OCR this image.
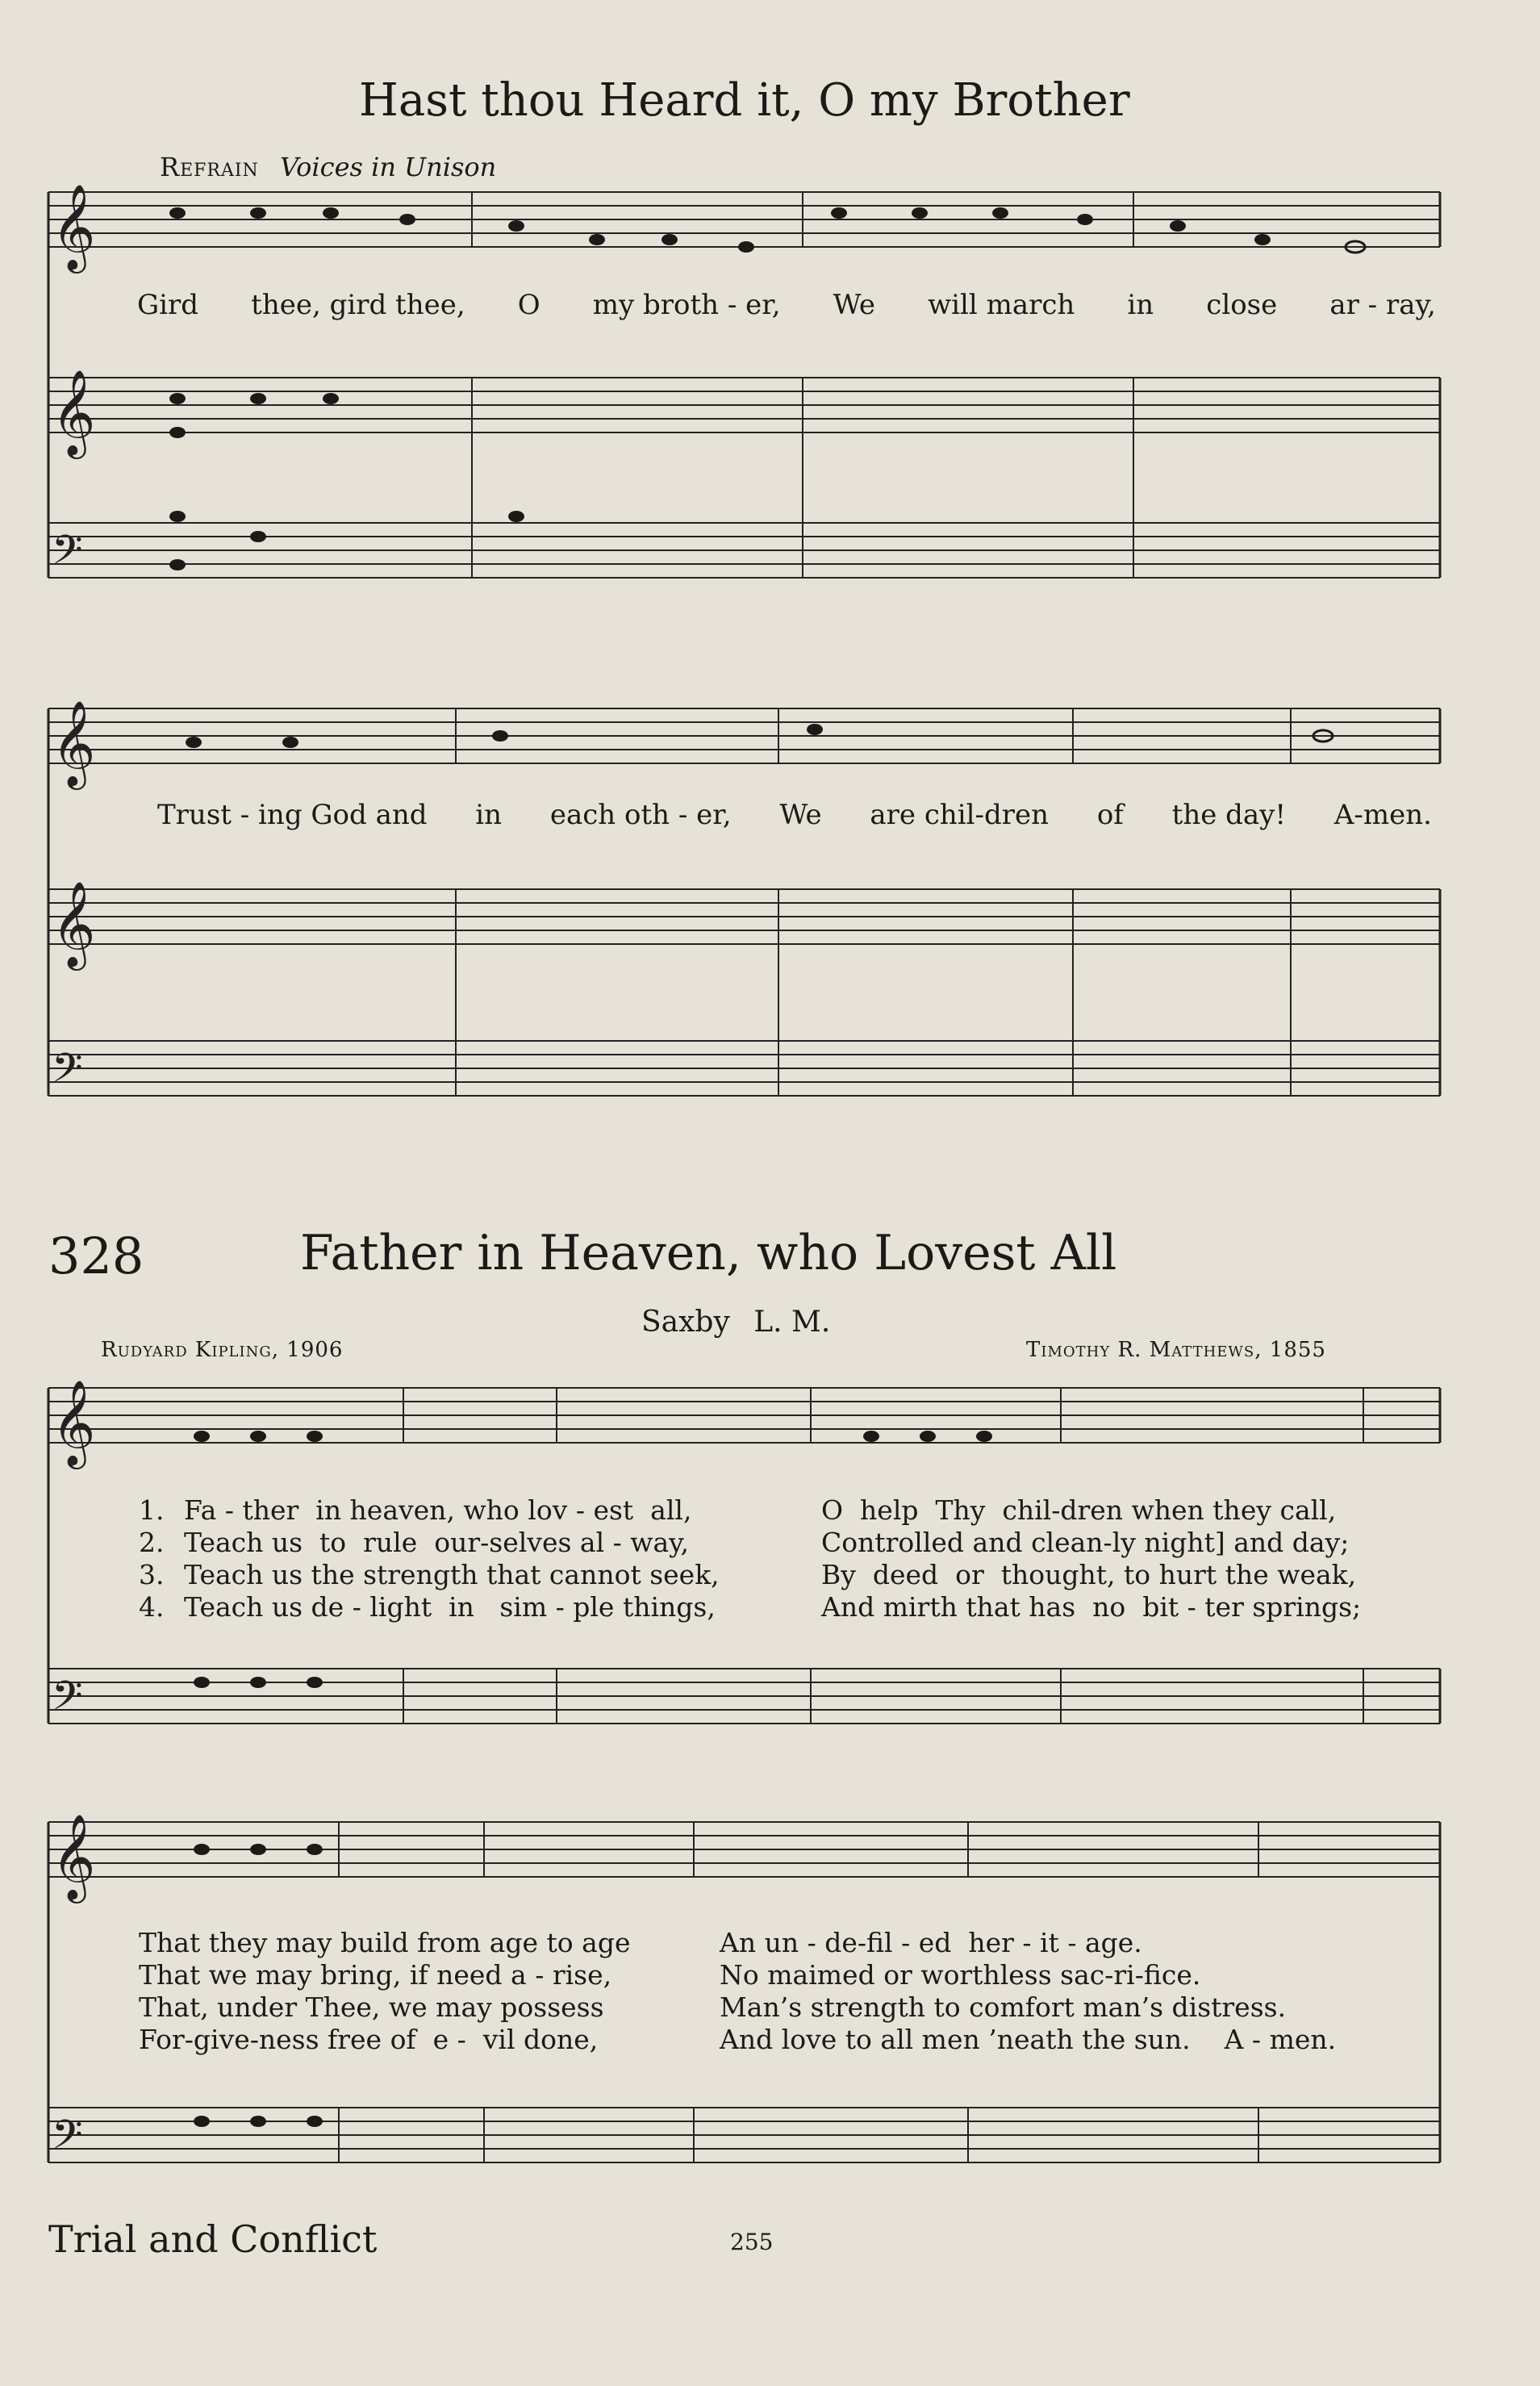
Hast thou Heard it, O my Brother
Refrain Voices in Unison
𝄞
𝄞
𝄢
𝄞
𝄞
𝄢
𝄞
𝄢
𝄞
𝄢
Gird thee, gird thee, O my broth - er, We will march in close ar - ray,
Trust - ing God and in each oth - er, We are chil-dren of the day! A-men.
328	Father in Heaven, who Lovest All
Saxby L. M.
Rudyard Kipling, 1906	Timothy R. Matthews, 1855
1. Fa - ther  in heaven, who lov - est  all,	O  help  Thy  chil-dren when they call,
2. Teach us  to  rule  our-selves al - way,	Controlled and clean-ly night] and day;
3. Teach us the strength that cannot seek,	By  deed  or  thought, to hurt the weak,
4. Teach us de - light  in   sim - ple things,	And mirth that has  no  bit - ter springs;
That they may build from age to age	An un - de-fil - ed  her - it - age.
That we may bring, if need a - rise,	No maimed or worthless sac-ri-fice.
That, under Thee, we may possess	Man’s strength to comfort man’s distress.
For-give-ness free of  e -  vil done,	And love to all men ’neath the sun.    A - men.
Trial and Conflict	255
